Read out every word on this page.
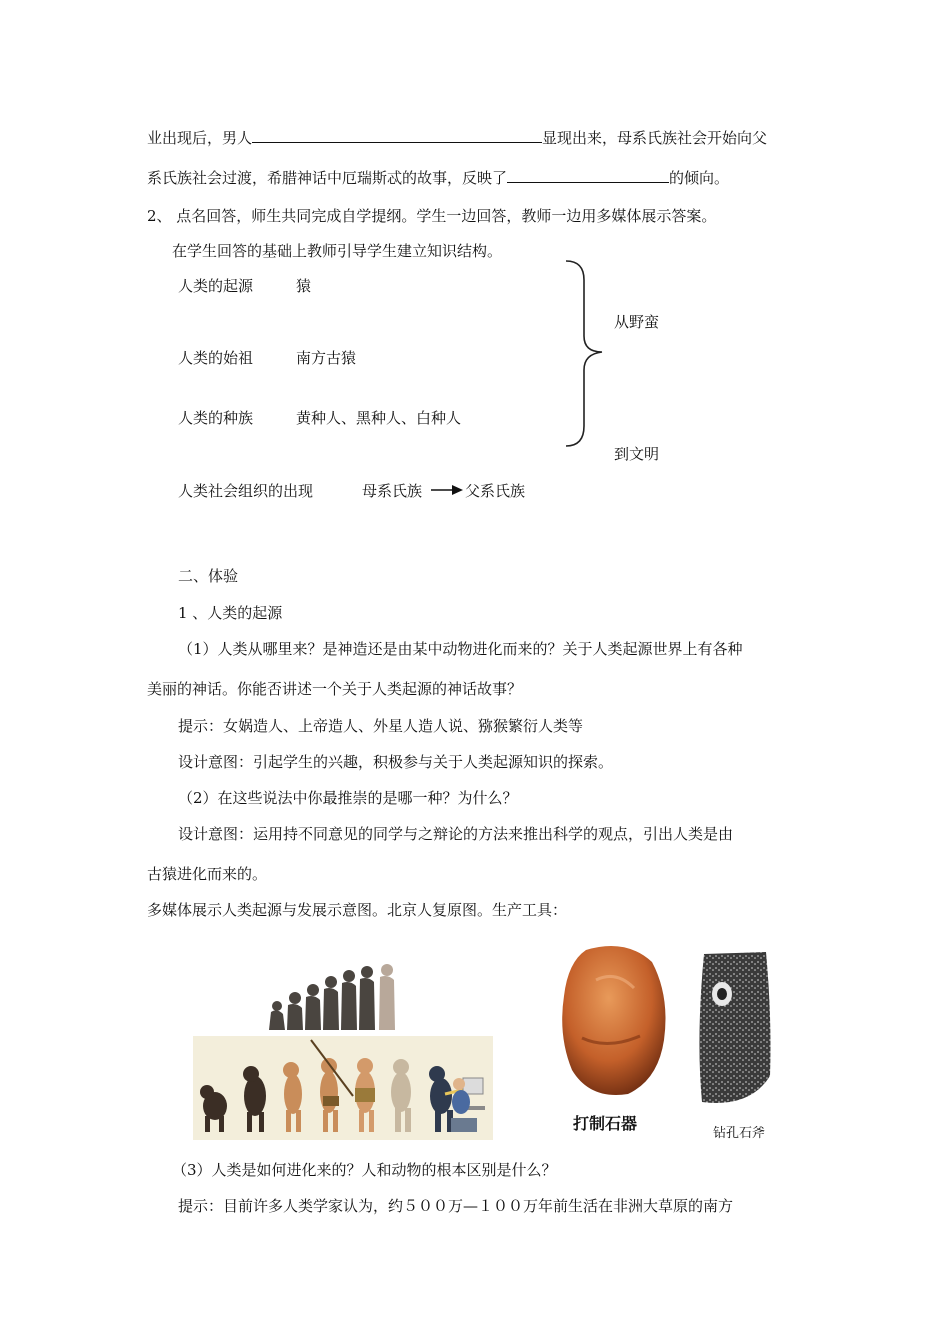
业出现后，男人	显现出来，母系氏族社会开始向父
系氏族社会过渡，希腊神话中厄瑞斯忒的故事，反映了	的倾向。
2、 点名回答，师生共同完成自学提纲。学生一边回答，教师一边用多媒体展示答案。
在学生回答的基础上教师引导学生建立知识结构。
人类的起源	猿
人类的始祖	南方古猿
人类的种族	黄种人、黑种人、白种人
从野蛮
到文明
人类社会组织的出现	母系氏族	父系氏族
二、体验
1 、人类的起源
（1）人类从哪里来？是神造还是由某中动物进化而来的？关于人类起源世界上有各种
美丽的神话。你能否讲述一个关于人类起源的神话故事？
提示：女娲造人、上帝造人、外星人造人说、猕猴繁衍人类等
设计意图：引起学生的兴趣，积极参与关于人类起源知识的探索。
（2）在这些说法中你最推崇的是哪一种？为什么？
设计意图：运用持不同意见的同学与之辩论的方法来推出科学的观点，引出人类是由
古猿进化而来的。
多媒体展示人类起源与发展示意图。北京人复原图。生产工具：
打制石器
钻孔石斧
（3）人类是如何进化来的？人和动物的根本区别是什么？
提示：目前许多人类学家认为，约５００万—１００万年前生活在非洲大草原的南方
